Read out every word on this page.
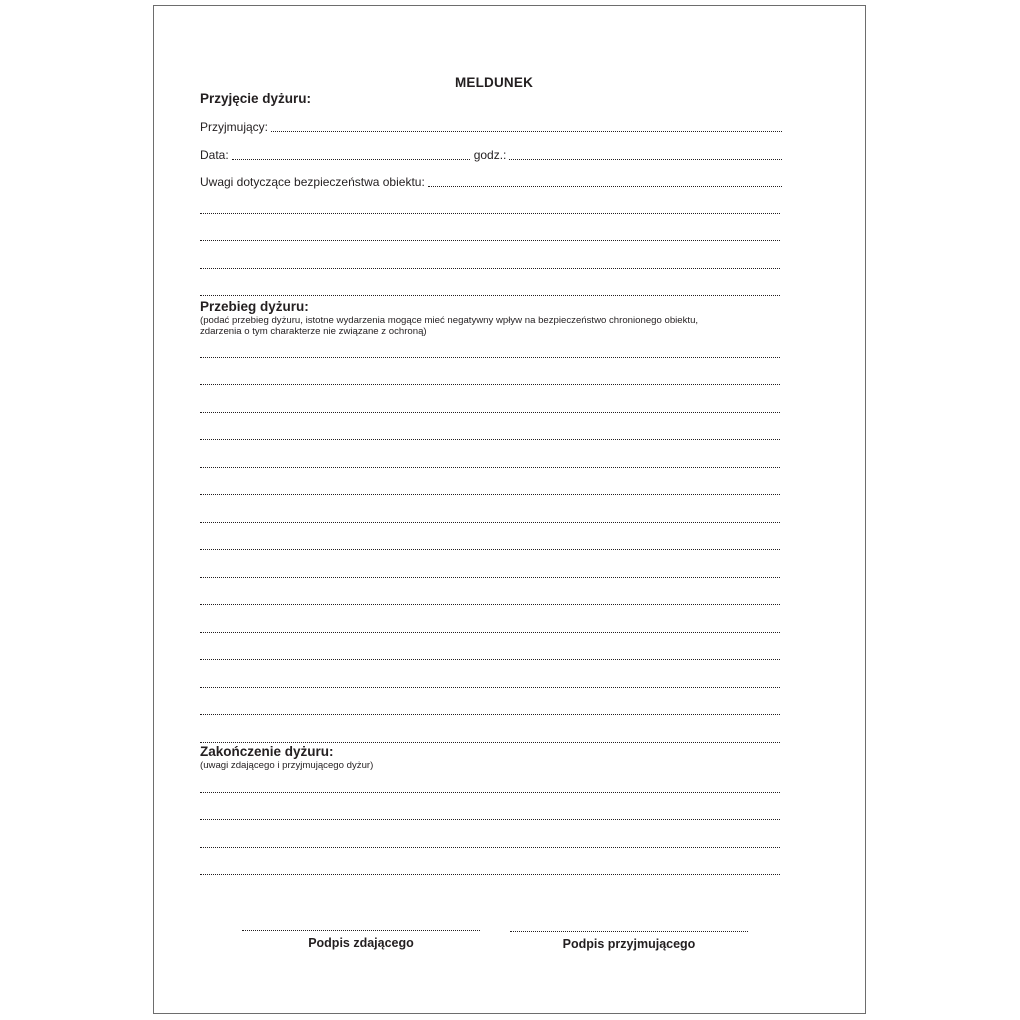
MELDUNEK
Przyjęcie dyżuru:
Przyjmujący:
Data:	godz.:
Uwagi dotyczące bezpieczeństwa obiektu:
Przebieg dyżuru:
(podać przebieg dyżuru, istotne wydarzenia mogące mieć negatywny wpływ na bezpieczeństwo chronionego obiektu,
zdarzenia o tym charakterze nie związane z ochroną)
Zakończenie dyżuru:
(uwagi zdającego i przyjmującego dyżur)
Podpis zdającego	Podpis przyjmującego
